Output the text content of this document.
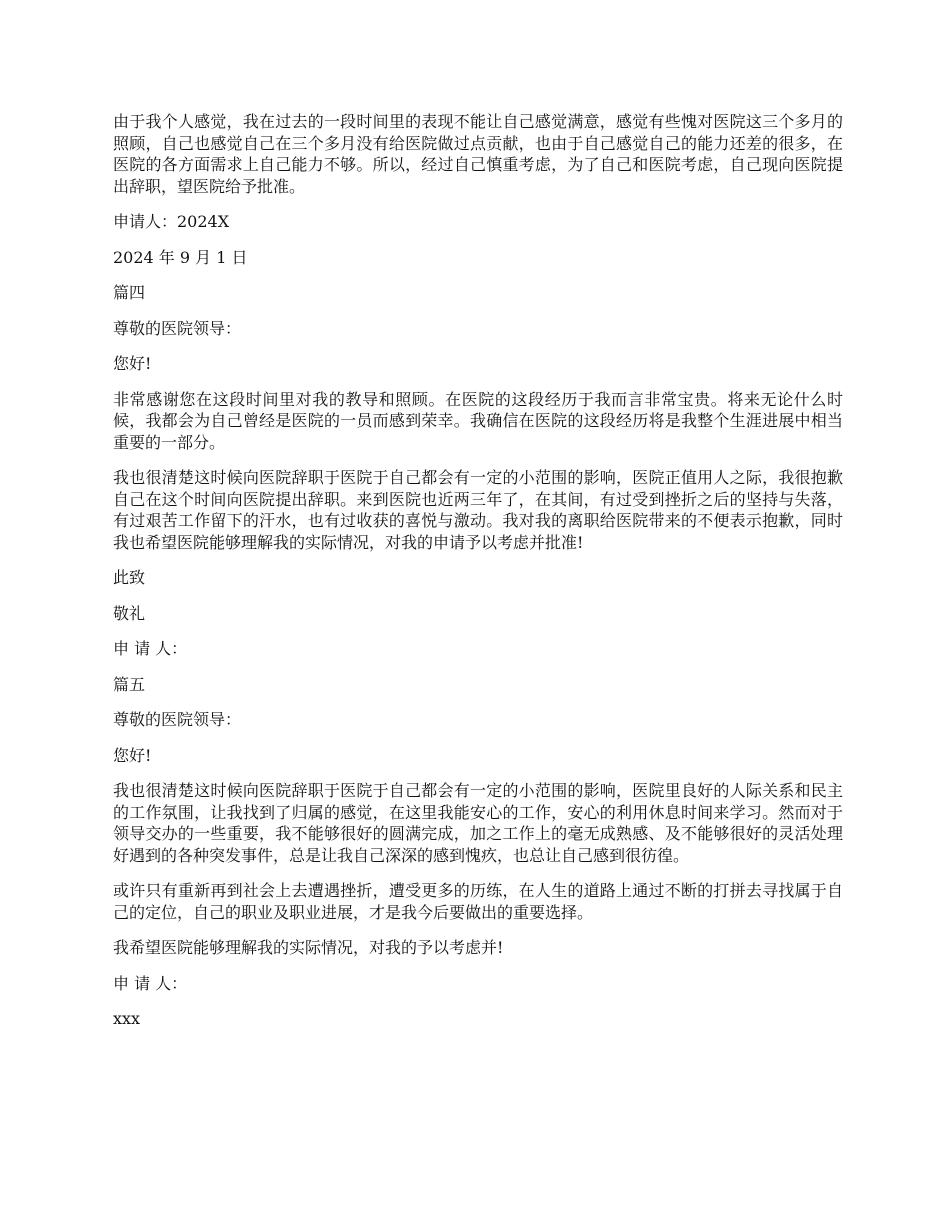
由于我个人感觉，我在过去的一段时间里的表现不能让自己感觉满意，感觉有些愧对医院这三个多月的照顾，自己也感觉自己在三个多月没有给医院做过点贡献，也由于自己感觉自己的能力还差的很多，在医院的各方面需求上自己能力不够。所以，经过自己慎重考虑，为了自己和医院考虑，自己现向医院提出辞职，望医院给予批准。

申请人：2024X

2024 年 9 月 1 日

篇四

尊敬的医院领导：

您好!

非常感谢您在这段时间里对我的教导和照顾。在医院的这段经历于我而言非常宝贵。将来无论什么时候，我都会为自己曾经是医院的一员而感到荣幸。我确信在医院的这段经历将是我整个生涯进展中相当重要的一部分。

我也很清楚这时候向医院辞职于医院于自己都会有一定的小范围的影响，医院正值用人之际，我很抱歉自己在这个时间向医院提出辞职。来到医院也近两三年了，在其间，有过受到挫折之后的坚持与失落，有过艰苦工作留下的汗水，也有过收获的喜悦与激动。我对我的离职给医院带来的不便表示抱歉，同时我也希望医院能够理解我的实际情况，对我的申请予以考虑并批准!

此致

敬礼

申 请 人：

篇五

尊敬的医院领导：

您好!

我也很清楚这时候向医院辞职于医院于自己都会有一定的小范围的影响，医院里良好的人际关系和民主的工作氛围，让我找到了归属的感觉，在这里我能安心的工作，安心的利用休息时间来学习。然而对于领导交办的一些重要，我不能够很好的圆满完成，加之工作上的毫无成熟感、及不能够很好的灵活处理好遇到的各种突发事件，总是让我自己深深的感到愧疚，也总让自己感到很彷徨。

或许只有重新再到社会上去遭遇挫折，遭受更多的历练，在人生的道路上通过不断的打拼去寻找属于自己的定位，自己的职业及职业进展，才是我今后要做出的重要选择。

我希望医院能够理解我的实际情况，对我的予以考虑并!

申 请 人：

xxx
